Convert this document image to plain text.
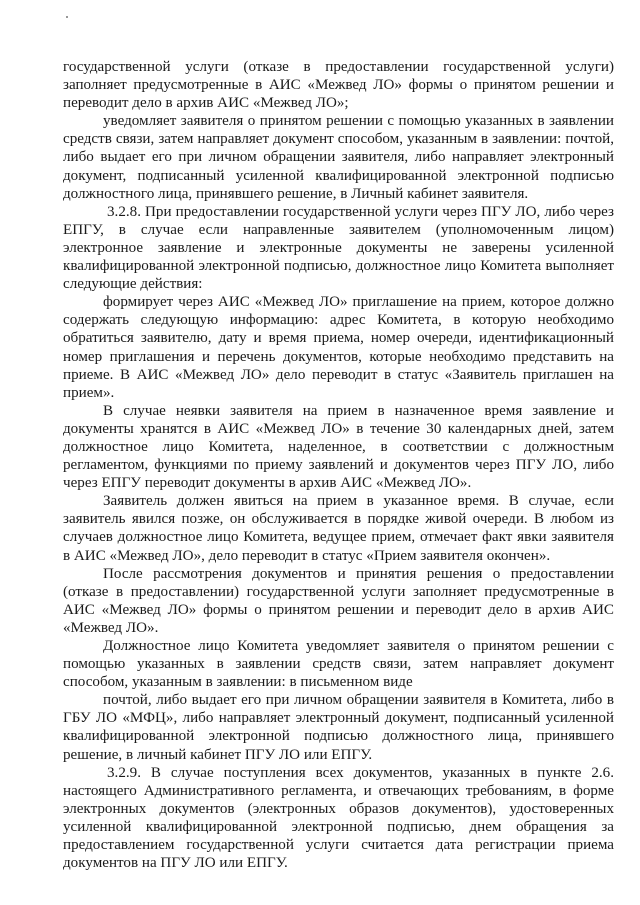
государственной услуги (отказе в предоставлении государственной услуги) заполняет предусмотренные в АИС «Межвед ЛО» формы о принятом решении и переводит дело в архив АИС «Межвед ЛО»;

уведомляет заявителя о принятом решении с помощью указанных в заявлении средств связи, затем направляет документ способом, указанным в заявлении: почтой, либо выдает его при личном обращении заявителя, либо направляет электронный документ, подписанный усиленной квалифицированной электронной подписью должностного лица, принявшего решение, в Личный кабинет заявителя.

3.2.8. При предоставлении государственной услуги через ПГУ ЛО, либо через ЕПГУ, в случае если направленные заявителем (уполномоченным лицом) электронное заявление и электронные документы не заверены усиленной квалифицированной электронной подписью, должностное лицо Комитета выполняет следующие действия:

формирует через АИС «Межвед ЛО» приглашение на прием, которое должно содержать следующую информацию: адрес Комитета, в которую необходимо обратиться заявителю, дату и время приема, номер очереди, идентификационный номер приглашения и перечень документов, которые необходимо представить на приеме. В АИС «Межвед ЛО» дело переводит в статус «Заявитель приглашен на прием».

В случае неявки заявителя на прием в назначенное время заявление и документы хранятся в АИС «Межвед ЛО» в течение 30 календарных дней, затем должностное лицо Комитета, наделенное, в соответствии с должностным регламентом, функциями по приему заявлений и документов через ПГУ ЛО, либо через ЕПГУ переводит документы в архив АИС «Межвед ЛО».

Заявитель должен явиться на прием в указанное время. В случае, если заявитель явился позже, он обслуживается в порядке живой очереди. В любом из случаев должностное лицо Комитета, ведущее прием, отмечает факт явки заявителя в АИС «Межвед ЛО», дело переводит в статус «Прием заявителя окончен».

После рассмотрения документов и принятия решения о предоставлении (отказе в предоставлении) государственной услуги заполняет предусмотренные в АИС «Межвед ЛО» формы о принятом решении и переводит дело в архив АИС «Межвед ЛО».

Должностное лицо Комитета уведомляет заявителя о принятом решении с помощью указанных в заявлении средств связи, затем направляет документ способом, указанным в заявлении: в письменном виде

почтой, либо выдает его при личном обращении заявителя в Комитета, либо в ГБУ ЛО «МФЦ», либо направляет электронный документ, подписанный усиленной квалифицированной электронной подписью должностного лица, принявшего решение, в личный кабинет ПГУ ЛО или ЕПГУ.

3.2.9. В случае поступления всех документов, указанных в пункте 2.6. настоящего Административного регламента, и отвечающих требованиям, в форме электронных документов (электронных образов документов), удостоверенных усиленной квалифицированной электронной подписью, днем обращения за предоставлением государственной услуги считается дата регистрации приема документов на ПГУ ЛО или ЕПГУ.
